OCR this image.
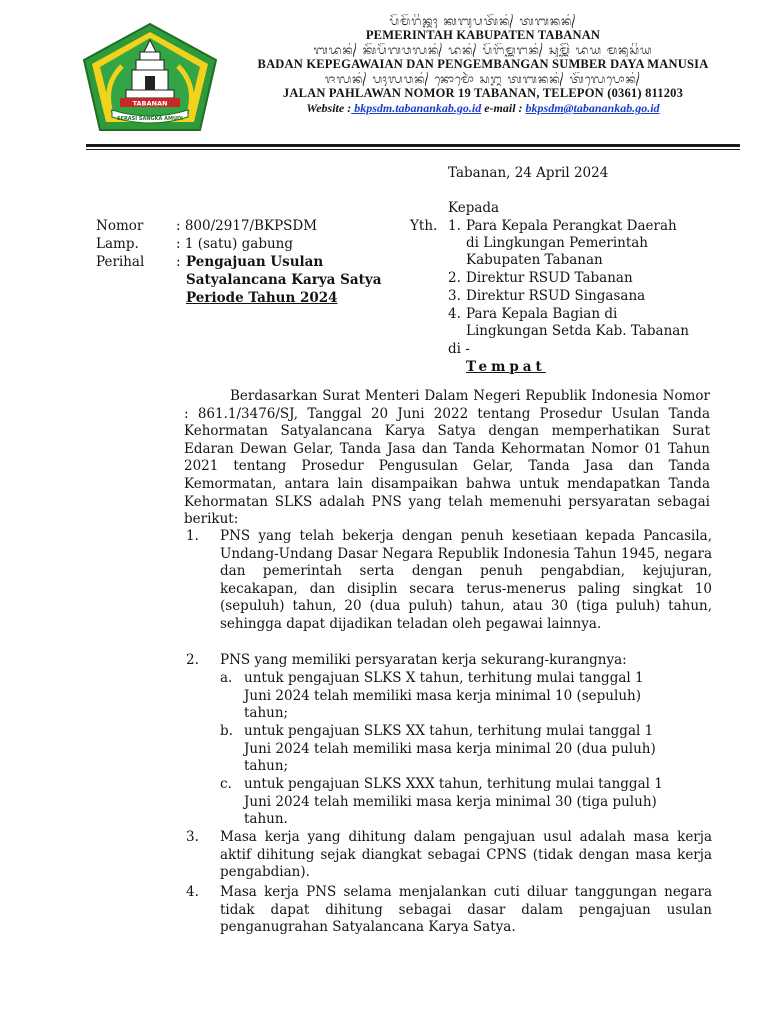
TABANAN
SERASI SANGKA AMUDI
ᬧᭂᬫᭂᬭᬶᬦ᭄ᬢᬄ ᬓᬩᬸᬧᬢᭂᬦ᭄ ᬢᬩᬦᬦ᭄
PEMERINTAH KABUPATEN TABANAN
ᬩᬤᬦ᭄ ᬓᭂᬧᭂᬕᬯᬮᬦ᭄ ᬤᬦ᭄ ᬧᭂᬗᭂᬫ᭄ᬩᬗᬦ᭄ ᬲᬸᬫ᭄ᬩᭂᬃ ᬤᬬ ᬫᬦᬸᬲᬶᬬ
BADAN KEPEGAWAIAN DAN PENGEMBANGAN SUMBER DAYA MANUSIA
ᬚᬮᬦ᭄ ᬧᬄᬮᬯᬦ᭄ ᬦᭀᬫᭀᬃ ᬲᬗ᭄ᬳ ᬢᬩᬦᬦ᭄ ᬢᭂᬮᬾᬧᭀᬦ᭄
JALAN PAHLAWAN NOMOR 19 TABANAN, TELEPON (0361) 811203
Website : bkpsdm.tabanankab.go.id e-mail : bkpsdm@tabanankab.go.id
Tabanan, 24 April 2024
Kepada
Yth. 1. Para Kepala Perangkat Daerah
di Lingkungan Pemerintah
Kabupaten Tabanan
2. Direktur RSUD Tabanan
3. Direktur RSUD Singasana
4. Para Kepala Bagian di
Lingkungan Setda Kab. Tabanan
di -
Tempat
Nomor : 800/2917/BKPSDM
Lamp.	: 1 (satu) gabung
Perihal : Pengajuan Usulan
Satyalancana Karya Satya
Periode Tahun 2024
Berdasarkan Surat Menteri Dalam Negeri Republik Indonesia Nomor : 861.1/3476/SJ, Tanggal 20 Juni 2022 tentang Prosedur Usulan Tanda Kehormatan Satyalancana Karya Satya dengan memperhatikan Surat Edaran Dewan Gelar, Tanda Jasa dan Tanda Kehormatan Nomor 01 Tahun 2021 tentang Prosedur Pengusulan Gelar, Tanda Jasa dan Tanda Kemormatan, antara lain disampaikan bahwa untuk mendapatkan Tanda Kehormatan SLKS adalah PNS yang telah memenuhi persyaratan sebagai berikut:
1. PNS yang telah bekerja dengan penuh kesetiaan kepada Pancasila, Undang-Undang Dasar Negara Republik Indonesia Tahun 1945, negara dan pemerintah serta dengan penuh pengabdian, kejujuran, kecakapan, dan disiplin secara terus-menerus paling singkat 10 (sepuluh) tahun, 20 (dua puluh) tahun, atau 30 (tiga puluh) tahun, sehingga dapat dijadikan teladan oleh pegawai lainnya.
2. PNS yang memiliki persyaratan kerja sekurang-kurangnya:
a. untuk pengajuan SLKS X tahun, terhitung mulai tanggal 1
Juni 2024 telah memiliki masa kerja minimal 10 (sepuluh)
tahun;
b. untuk pengajuan SLKS XX tahun, terhitung mulai tanggal 1
Juni 2024 telah memiliki masa kerja minimal 20 (dua puluh)
tahun;
c. untuk pengajuan SLKS XXX tahun, terhitung mulai tanggal 1
Juni 2024 telah memiliki masa kerja minimal 30 (tiga puluh)
tahun.
3. Masa kerja yang dihitung dalam pengajuan usul adalah masa kerja aktif dihitung sejak diangkat sebagai CPNS (tidak dengan masa kerja pengabdian).
4. Masa kerja PNS selama menjalankan cuti diluar tanggungan negara tidak dapat dihitung sebagai dasar dalam pengajuan usulan penganugrahan Satyalancana Karya Satya.
